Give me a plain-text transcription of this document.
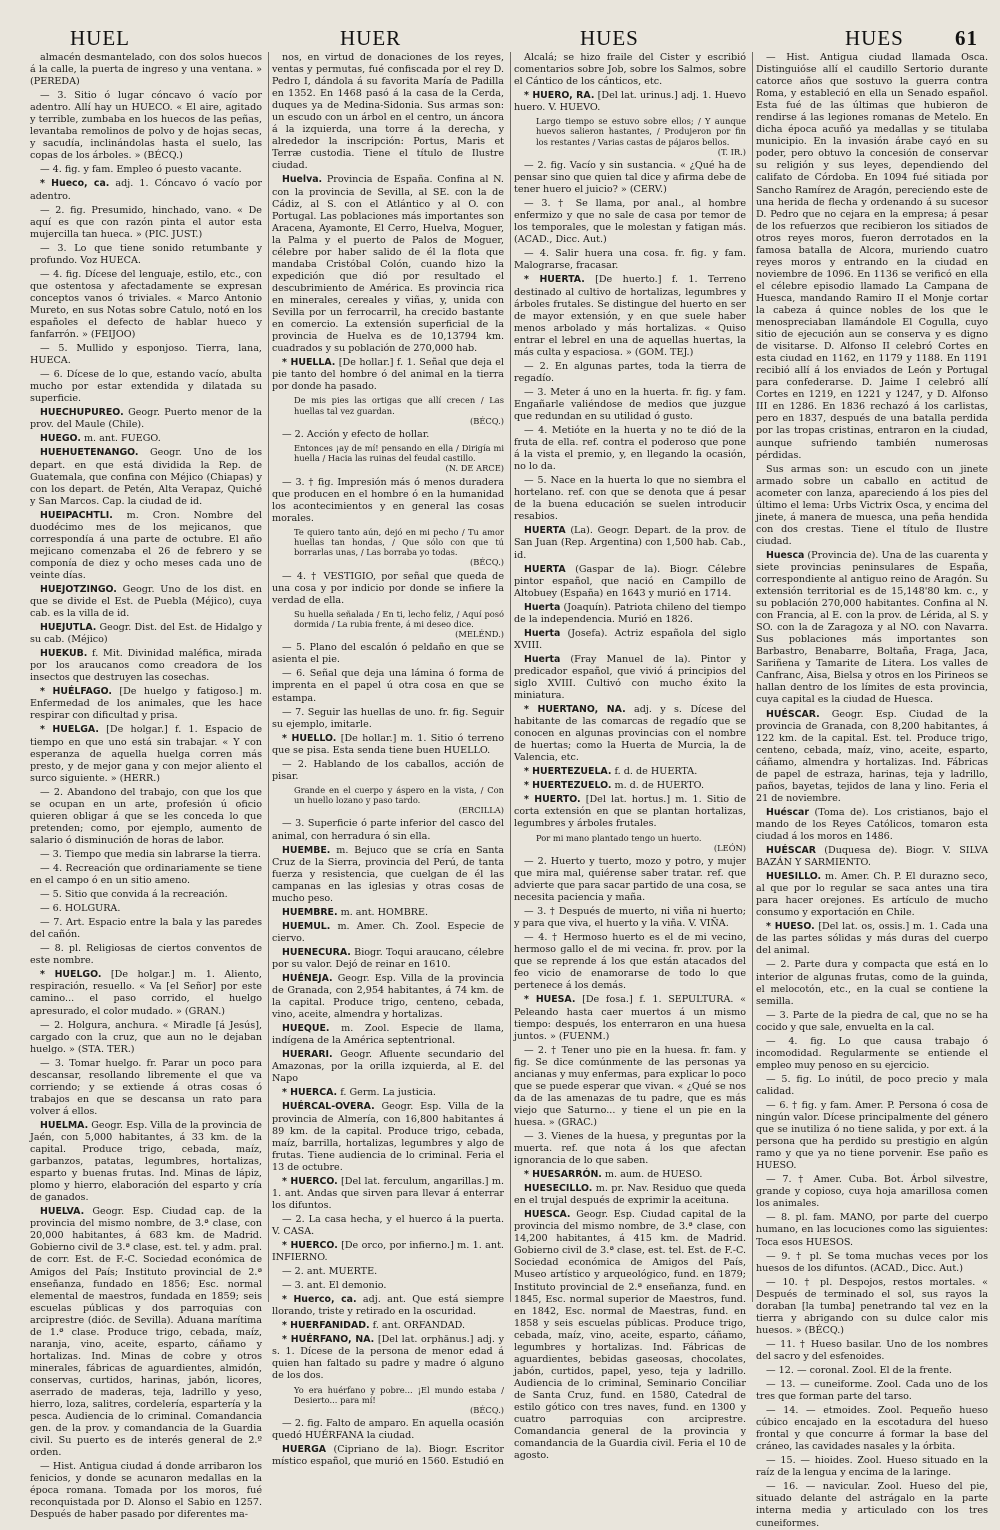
HUEL	HUER	HUES	HUES 61
almacén desmantelado, con dos solos huecos á la calle, la puerta de ingreso y una ventana. » (PEREDA)
— 3. Sitio ó lugar cóncavo ó vacío por adentro. Allí hay un HUECO. « El aire, agitado y terrible, zumbaba en los huecos de las peñas, levantaba remolinos de polvo y de hojas secas, y sacudía, inclinándolas hasta el suelo, las copas de los árboles. » (BÉCQ.)
— 4. fig. y fam. Empleo ó puesto vacante.
* Hueco, ca. adj. 1. Cóncavo ó vacío por adentro.
— 2. fig. Presumido, hinchado, vano. « De aquí es que con razón pinta el autor esta mujercilla tan hueca. » (PIC. JUST.)
— 3. Lo que tiene sonido retumbante y profundo. Voz HUECA.
— 4. fig. Dícese del lenguaje, estilo, etc., con que ostentosa y afectadamente se expresan conceptos vanos ó triviales. « Marco Antonio Mureto, en sus Notas sobre Catulo, notó en los españoles el defecto de hablar hueco y fanfarrón. » (FEIJOO)
— 5. Mullido y esponjoso. Tierra, lana, HUECA.
— 6. Dícese de lo que, estando vacío, abulta mucho por estar extendida y dilatada su superficie.
HUECHUPUREO. Geogr. Puerto menor de la prov. del Maule (Chile).
HUEGO. m. ant. FUEGO.
HUEHUETENANGO. Geogr. Uno de los depart. en que está dividida la Rep. de Guatemala, que confina con Méjico (Chiapas) y con los depart. de Petén, Alta Verapaz, Quiché y San Marcos. Cap. la ciudad de id.
HUEIPACHTLI. m. Cron. Nombre del duodécimo mes de los mejicanos, que correspondía á una parte de octubre. El año mejicano comenzaba el 26 de febrero y se componía de diez y ocho meses cada uno de veinte días.
HUEJOTZINGO. Geogr. Uno de los dist. en que se divide el Est. de Puebla (Méjico), cuya cab. es la villa de id.
HUEJUTLA. Geogr. Dist. del Est. de Hidalgo y su cab. (Méjico)
HUEKUB. f. Mit. Divinidad maléfica, mirada por los araucanos como creadora de los insectos que destruyen las cosechas.
* HUÉLFAGO. [De huelgo y fatigoso.] m. Enfermedad de los animales, que les hace respirar con dificultad y prisa.
* HUELGA. [De holgar.] f. 1. Espacio de tiempo en que uno está sin trabajar. « Y con esperanza de aquella huelga corren más presto, y de mejor gana y con mejor aliento el surco siguiente. » (HERR.)
— 2. Abandono del trabajo, con que los que se ocupan en un arte, profesión ú oficio quieren obligar á que se les conceda lo que pretenden; como, por ejemplo, aumento de salario ó disminución de horas de labor.
— 3. Tiempo que media sin labrarse la tierra.
— 4. Recreación que ordinariamente se tiene en el campo ó en un sitio ameno.
— 5. Sitio que convida á la recreación.
— 6. HOLGURA.
— 7. Art. Espacio entre la bala y las paredes del cañón.
— 8. pl. Religiosas de ciertos conventos de este nombre.
* HUELGO. [De holgar.] m. 1. Aliento, respiración, resuello. « Va [el Señor] por este camino... el paso corrido, el huelgo apresurado, el color mudado. » (GRAN.)
— 2. Holgura, anchura. « Miradle [á Jesús], cargado con la cruz, que aun no le dejaban huelgo. » (STA. TER.)
— 3. Tomar huelgo. fr. Parar un poco para descansar, resollando libremente el que va corriendo; y se extiende á otras cosas ó trabajos en que se descansa un rato para volver á ellos.
HUELMA. Geogr. Esp. Villa de la provincia de Jaén, con 5,000 habitantes, á 33 km. de la capital. Produce trigo, cebada, maíz, garbanzos, patatas, legumbres, hortalizas, esparto y buenas frutas. Ind. Minas de lápiz, plomo y hierro, elaboración del esparto y cría de ganados.
HUELVA. Geogr. Esp. Ciudad cap. de la provincia del mismo nombre, de 3.ª clase, con 20,000 habitantes, á 683 km. de Madrid. Gobierno civil de 3.ª clase, est. tel. y adm. pral. de corr. Est. de F.-C. Sociedad económica de Amigos del País; Instituto provincial de 2.ª enseñanza, fundado en 1856; Esc. normal elemental de maestros, fundada en 1859; seis escuelas públicas y dos parroquias con arciprestre (dióc. de Sevilla). Aduana marítima de 1.ª clase. Produce trigo, cebada, maíz, naranja, vino, aceite, esparto, cáñamo y hortalizas. Ind. Minas de cobre y otros minerales, fábricas de aguardientes, almidón, conservas, curtidos, harinas, jabón, licores, aserrado de maderas, teja, ladrillo y yeso, hierro, loza, salitres, cordelería, espartería y la pesca. Audiencia de lo criminal. Comandancia gen. de la prov. y comandancia de la Guardia civil. Su puerto es de interés general de 2.º orden.
— Hist. Antigua ciudad á donde arribaron los fenicios, y donde se acunaron medallas en la época romana. Tomada por los moros, fué reconquistada por D. Alonso el Sabio en 1257. Después de haber pasado por diferentes ma-
nos, en virtud de donaciones de los reyes, ventas y permutas, fué confiscada por el rey D. Pedro I, dándola á su favorita María de Padilla en 1352. En 1468 pasó á la casa de la Cerda, duques ya de Medina-Sidonia. Sus armas son: un escudo con un árbol en el centro, un áncora á la izquierda, una torre á la derecha, y alrededor la inscripción: Portus, Maris et Terræ custodia. Tiene el título de Ilustre ciudad.
Huelva. Provincia de España. Confina al N. con la provincia de Sevilla, al SE. con la de Cádiz, al S. con el Atlántico y al O. con Portugal. Las poblaciones más importantes son Aracena, Ayamonte, El Cerro, Huelva, Moguer, la Palma y el puerto de Palos de Moguer, célebre por haber salido de él la flota que mandaba Cristóbal Colón, cuando hizo la expedición que dió por resultado el descubrimiento de América. Es provincia rica en minerales, cereales y viñas, y, unida con Sevilla por un ferrocarril, ha crecido bastante en comercio. La extensión superficial de la provincia de Huelva es de 10,13794 km. cuadrados y su población de 270,000 hab.
* HUELLA. [De hollar.] f. 1. Señal que deja el pie tanto del hombre ó del animal en la tierra por donde ha pasado.
De mis pies las ortigas que allí crecen / Las huellas tal vez guardan.
(BÉCQ.)
— 2. Acción y efecto de hollar.
Entonces ¡ay de mí! pensando en ella / Dirigía mi huella / Hacia las ruinas del feudal castillo.
(N. DE ARCE)
— 3. † fig. Impresión más ó menos duradera que producen en el hombre ó en la humanidad los acontecimientos y en general las cosas morales.
Te quiero tanto aún, dejó en mi pecho / Tu amor huellas tan hondas, / Que sólo con que tú borrarlas unas, / Las borraba yo todas.
(BÉCQ.)
— 4. † VESTIGIO, por señal que queda de una cosa y por indicio por donde se infiere la verdad de ella.
Su huella señalada / En ti, lecho feliz, / Aquí posó dormida / La rubia frente, á mi deseo dice.
(MELÉND.)
— 5. Plano del escalón ó peldaño en que se asienta el pie.
— 6. Señal que deja una lámina ó forma de imprenta en el papel ú otra cosa en que se estampa.
— 7. Seguir las huellas de uno. fr. fig. Seguir su ejemplo, imitarle.
* HUELLO. [De hollar.] m. 1. Sitio ó terreno que se pisa. Esta senda tiene buen HUELLO.
— 2. Hablando de los caballos, acción de pisar.
Grande en el cuerpo y áspero en la vista, / Con un huello lozano y paso tardo.
(ERCILLA)
— 3. Superficie ó parte inferior del casco del animal, con herradura ó sin ella.
HUEMBE. m. Bejuco que se cría en Santa Cruz de la Sierra, provincia del Perú, de tanta fuerza y resistencia, que cuelgan de él las campanas en las iglesias y otras cosas de mucho peso.
HUEMBRE. m. ant. HOMBRE.
HUEMUL. m. Amer. Ch. Zool. Especie de ciervo.
HUENECURA. Biogr. Toqui araucano, célebre por su valor. Dejó de reinar en 1610.
HUÉNEJA. Geogr. Esp. Villa de la provincia de Granada, con 2,954 habitantes, á 74 km. de la capital. Produce trigo, centeno, cebada, vino, aceite, almendra y hortalizas.
HUEQUE. m. Zool. Especie de llama, indígena de la América septentrional.
HUERARI. Geogr. Afluente secundario del Amazonas, por la orilla izquierda, al E. del Napo
* HUERCA. f. Germ. La justicia.
HUÉRCAL-OVERA. Geogr. Esp. Villa de la provincia de Almería, con 16,800 habitantes á 89 km. de la capital. Produce trigo, cebada, maíz, barrilla, hortalizas, legumbres y algo de frutas. Tiene audiencia de lo criminal. Feria el 13 de octubre.
* HUERCO. [Del lat. ferculum, angarillas.] m. 1. ant. Andas que sirven para llevar á enterrar los difuntos.
— 2. La casa hecha, y el huerco á la puerta. V. CASA.
* HUERCO. [De orco, por infierno.] m. 1. ant. INFIERNO.
— 2. ant. MUERTE.
— 3. ant. El demonio.
* Huerco, ca. adj. ant. Que está siempre llorando, triste y retirado en la oscuridad.
* HUERFANIDAD. f. ant. ORFANDAD.
* HUÉRFANO, NA. [Del lat. orphănus.] adj. y s. 1. Dícese de la persona de menor edad á quien han faltado su padre y madre ó alguno de los dos.
Yo era huérfano y pobre... ¡El mundo estaba / Desierto... para mí!
(BÉCQ.)
— 2. fig. Falto de amparo. En aquella ocasión quedó HUÉRFANA la ciudad.
HUERGA (Cipriano de la). Biogr. Escritor místico español, que murió en 1560. Estudió en
Alcalá; se hizo fraile del Cister y escribió comentarios sobre Job, sobre los Salmos, sobre el Cántico de los cánticos, etc.
* HUERO, RA. [Del lat. urinus.] adj. 1. Huevo huero. V. HUEVO.
Largo tiempo se estuvo sobre ellos; / Y aunque huevos salieron hastantes, / Produjeron por fin los restantes / Varias castas de pájaros bellos.
(T. IR.)
— 2. fig. Vacío y sin sustancia. « ¿Qué ha de pensar sino que quien tal dice y afirma debe de tener huero el juicio? » (CERV.)
— 3. † Se llama, por anal., al hombre enfermizo y que no sale de casa por temor de los temporales, que le molestan y fatigan más. (ACAD., Dicc. Aut.)
— 4. Salir huera una cosa. fr. fig. y fam. Malograrse, fracasar.
* HUERTA. [De huerto.] f. 1. Terreno destinado al cultivo de hortalizas, legumbres y árboles frutales. Se distingue del huerto en ser de mayor extensión, y en que suele haber menos arbolado y más hortalizas. « Quiso entrar el lebrel en una de aquellas huertas, la más culta y espaciosa. » (GOM. TEJ.)
— 2. En algunas partes, toda la tierra de regadío.
— 3. Meter á uno en la huerta. fr. fig. y fam. Engañarle valiéndose de medios que juzgue que redundan en su utilidad ó gusto.
— 4. Metióte en la huerta y no te dió de la fruta de ella. ref. contra el poderoso que pone á la vista el premio, y, en llegando la ocasión, no lo da.
— 5. Nace en la huerta lo que no siembra el hortelano. ref. con que se denota que á pesar de la buena educación se suelen introducir resabios.
HUERTA (La). Geogr. Depart. de la prov. de San Juan (Rep. Argentina) con 1,500 hab. Cab., id.
HUERTA (Gaspar de la). Biogr. Célebre pintor español, que nació en Campillo de Altobuey (España) en 1643 y murió en 1714.
Huerta (Joaquín). Patriota chileno del tiempo de la independencia. Murió en 1826.
Huerta (Josefa). Actriz española del siglo XVIII.
Huerta (Fray Manuel de la). Pintor y predicador español, que vivió á principios del siglo XVIII. Cultivó con mucho éxito la miniatura.
* HUERTANO, NA. adj. y s. Dícese del habitante de las comarcas de regadío que se conocen en algunas provincias con el nombre de huertas; como la Huerta de Murcia, la de Valencia, etc.
* HUERTEZUELA. f. d. de HUERTA.
* HUERTEZUELO. m. d. de HUERTO.
* HUERTO. [Del lat. hortus.] m. 1. Sitio de corta extensión en que se plantan hortalizas, legumbres y árboles frutales.
Por mi mano plantado tengo un huerto.
(LEÓN)
— 2. Huerto y tuerto, mozo y potro, y mujer que mira mal, quiérense saber tratar. ref. que advierte que para sacar partido de una cosa, se necesita paciencia y maña.
— 3. † Después de muerto, ni viña ni huerto; y para que viva, el huerto y la viña. V. VIÑA.
— 4. † Hermoso huerto es el de mi vecino, hermoso gallo el de mi vecina. fr. prov. por la que se reprende á los que están atacados del feo vicio de enamorarse de todo lo que pertenece á los demás.
* HUESA. [De fosa.] f. 1. SEPULTURA. « Peleando hasta caer muertos á un mismo tiempo: después, los enterraron en una huesa juntos. » (FUENM.)
— 2. † Tener uno pie en la huesa. fr. fam. y fig. Se dice comúnmente de las personas ya ancianas y muy enfermas, para explicar lo poco que se puede esperar que vivan. « ¿Qué se nos da de las amenazas de tu padre, que es más viejo que Saturno... y tiene el un pie en la huesa. » (GRAC.)
— 3. Vienes de la huesa, y preguntas por la muerta. ref. que nota á los que afectan ignorancia de lo que saben.
* HUESARRÓN. m. aum. de HUESO.
HUESECILLO. m. pr. Nav. Residuo que queda en el trujal después de exprimir la aceituna.
HUESCA. Geogr. Esp. Ciudad capital de la provincia del mismo nombre, de 3.ª clase, con 14,200 habitantes, á 415 km. de Madrid. Gobierno civil de 3.ª clase, est. tel. Est. de F.-C. Sociedad económica de Amigos del País, Museo artístico y arqueológico, fund. en 1879; Instituto provincial de 2.ª enseñanza, fund. en 1845, Esc. normal superior de Maestros, fund. en 1842, Esc. normal de Maestras, fund. en 1858 y seis escuelas públicas. Produce trigo, cebada, maíz, vino, aceite, esparto, cáñamo, legumbres y hortalizas. Ind. Fábricas de aguardientes, bebidas gaseosas, chocolates, jabón, curtidos, papel, yeso, teja y ladrillo. Audiencia de lo criminal, Seminario Conciliar de Santa Cruz, fund. en 1580, Catedral de estilo gótico con tres naves, fund. en 1300 y cuatro parroquias con arciprestre. Comandancia general de la provincia y comandancia de la Guardia civil. Feria el 10 de agosto.
— Hist. Antigua ciudad llamada Osca. Distinguióse allí el caudillo Sertorio durante catorce años que sostuvo la guerra contra Roma, y estableció en ella un Senado español. Esta fué de las últimas que hubieron de rendirse á las legiones romanas de Metelo. En dicha época acuñó ya medallas y se titulaba municipio. En la invasión árabe cayó en su poder, pero obtuvo la concesión de conservar su religión y sus leyes, dependiendo del califato de Córdoba. En 1094 fué sitiada por Sancho Ramírez de Aragón, pereciendo este de una herida de flecha y ordenando á su sucesor D. Pedro que no cejara en la empresa; á pesar de los refuerzos que recibieron los sitiados de otros reyes moros, fueron derrotados en la famosa batalla de Alcora, muriendo cuatro reyes moros y entrando en la ciudad en noviembre de 1096. En 1136 se verificó en ella el célebre episodio llamado La Campana de Huesca, mandando Ramiro II el Monje cortar la cabeza á quince nobles de los que le menospreciaban llamándole El Cogulla, cuyo sitio de ejecución aun se conserva y es digno de visitarse. D. Alfonso II celebró Cortes en esta ciudad en 1162, en 1179 y 1188. En 1191 recibió allí á los enviados de León y Portugal para confederarse. D. Jaime I celebró allí Cortes en 1219, en 1221 y 1247, y D. Alfonso III en 1286. En 1836 rechazó á los carlistas, pero en 1837, después de una batalla perdida por las tropas cristinas, entraron en la ciudad, aunque sufriendo también numerosas pérdidas.
Sus armas son: un escudo con un jinete armado sobre un caballo en actitud de acometer con lanza, apareciendo á los pies del último el lema: Urbs Victrix Osca, y encima del jinete, á manera de muesca, una peña hendida con dos crestas. Tiene el título de Ilustre ciudad.
Huesca (Provincia de). Una de las cuarenta y siete provincias peninsulares de España, correspondiente al antiguo reino de Aragón. Su extensión territorial es de 15,148'80 km. c., y su población 270,000 habitantes. Confina al N. con Francia, al E. con la prov. de Lérida, al S. y SO. con la de Zaragoza y al NO. con Navarra. Sus poblaciones más importantes son Barbastro, Benabarre, Boltaña, Fraga, Jaca, Sariñena y Tamarite de Litera. Los valles de Canfranc, Aisa, Bielsa y otros en los Pirineos se hallan dentro de los límites de esta provincia, cuya capital es la ciudad de Huesca.
HUÉSCAR. Geogr. Esp. Ciudad de la provincia de Granada, con 8,200 habitantes, á 122 km. de la capital. Est. tel. Produce trigo, centeno, cebada, maíz, vino, aceite, esparto, cáñamo, almendra y hortalizas. Ind. Fábricas de papel de estraza, harinas, teja y ladrillo, paños, bayetas, tejidos de lana y lino. Feria el 21 de noviembre.
Huéscar (Toma de). Los cristianos, bajo el mando de los Reyes Católicos, tomaron esta ciudad á los moros en 1486.
HUÉSCAR (Duquesa de). Biogr. V. SILVA BAZÁN Y SARMIENTO.
HUESILLO. m. Amer. Ch. P. El durazno seco, al que por lo regular se saca antes una tira para hacer orejones. Es artículo de mucho consumo y exportación en Chile.
* HUESO. [Del lat. os, ossis.] m. 1. Cada una de las partes sólidas y más duras del cuerpo del animal.
— 2. Parte dura y compacta que está en lo interior de algunas frutas, como de la guinda, el melocotón, etc., en la cual se contiene la semilla.
— 3. Parte de la piedra de cal, que no se ha cocido y que sale, envuelta en la cal.
— 4. fig. Lo que causa trabajo ó incomodidad. Regularmente se entiende el empleo muy penoso en su ejercicio.
— 5. fig. Lo inútil, de poco precio y mala calidad.
— 6. † fig. y fam. Amer. P. Persona ó cosa de ningún valor. Dícese principalmente del género que se inutiliza ó no tiene salida, y por ext. á la persona que ha perdido su prestigio en algún ramo y que ya no tiene porvenir. Ese paño es HUESO.
— 7. † Amer. Cuba. Bot. Árbol silvestre, grande y copioso, cuya hoja amarillosa comen los animales.
— 8. pl. fam. MANO, por parte del cuerpo humano, en las locuciones como las siguientes: Toca esos HUESOS.
— 9. † pl. Se toma muchas veces por los huesos de los difuntos. (ACAD., Dicc. Aut.)
— 10. † pl. Despojos, restos mortales. « Después de terminado el sol, sus rayos la doraban [la tumba] penetrando tal vez en la tierra y abrigando con su dulce calor mis huesos. » (BÉCQ.)
— 11. † Hueso basilar. Uno de los nombres del sacro y del esfenoides.
— 12. — coronal. Zool. El de la frente.
— 13. — cuneiforme. Zool. Cada uno de los tres que forman parte del tarso.
— 14. — etmoides. Zool. Pequeño hueso cúbico encajado en la escotadura del hueso frontal y que concurre á formar la base del cráneo, las cavidades nasales y la órbita.
— 15. — hioides. Zool. Hueso situado en la raíz de la lengua y encima de la laringe.
— 16. — navicular. Zool. Hueso del pie, situado delante del astrágalo en la parte interna media y articulado con los tres cuneiformes.
